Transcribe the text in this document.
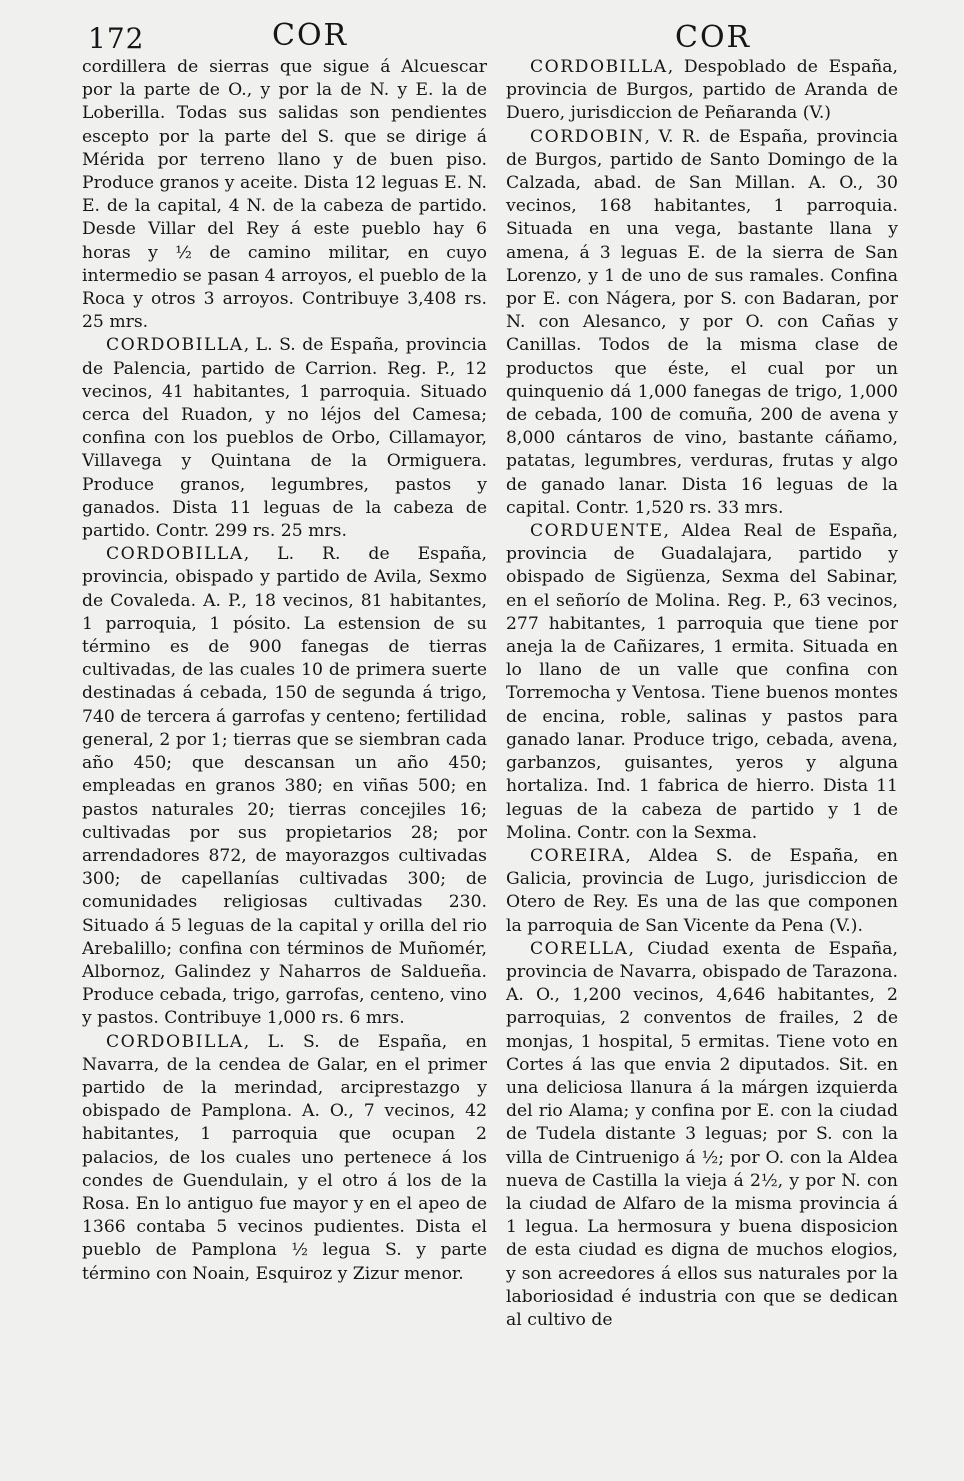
172	COR	COR

cordillera de sierras que sigue á Alcuescar por la parte de O., y por la de N. y E. la de Loberilla. Todas sus salidas son pendientes escepto por la parte del S. que se dirige á Mérida por terreno llano y de buen piso. Produce granos y aceite. Dista 12 leguas E. N. E. de la capital, 4 N. de la cabeza de partido. Desde Villar del Rey á este pueblo hay 6 horas y ½ de camino militar, en cuyo intermedio se pasan 4 arroyos, el pueblo de la Roca y otros 3 arroyos. Contribuye 3,408 rs. 25 mrs.

CORDOBILLA, L. S. de España, provincia de Palencia, partido de Carrion. Reg. P., 12 vecinos, 41 habitantes, 1 parroquia. Situado cerca del Ruadon, y no léjos del Camesa; confina con los pueblos de Orbo, Cillamayor, Villavega y Quintana de la Ormiguera. Produce granos, legumbres, pastos y ganados. Dista 11 leguas de la cabeza de partido. Contr. 299 rs. 25 mrs.

CORDOBILLA, L. R. de España, provincia, obispado y partido de Avila, Sexmo de Covaleda. A. P., 18 vecinos, 81 habitantes, 1 parroquia, 1 pósito. La estension de su término es de 900 fanegas de tierras cultivadas, de las cuales 10 de primera suerte destinadas á cebada, 150 de segunda á trigo, 740 de tercera á garrofas y centeno; fertilidad general, 2 por 1; tierras que se siembran cada año 450; que descansan un año 450; empleadas en granos 380; en viñas 500; en pastos naturales 20; tierras concejiles 16; cultivadas por sus propietarios 28; por arrendadores 872, de mayorazgos cultivadas 300; de capellanías cultivadas 300; de comunidades religiosas cultivadas 230. Situado á 5 leguas de la capital y orilla del rio Arebalillo; confina con términos de Muñomér, Albornoz, Galindez y Naharros de Saldueña. Produce cebada, trigo, garrofas, centeno, vino y pastos. Contribuye 1,000 rs. 6 mrs.

CORDOBILLA, L. S. de España, en Navarra, de la cendea de Galar, en el primer partido de la merindad, arciprestazgo y obispado de Pamplona. A. O., 7 vecinos, 42 habitantes, 1 parroquia que ocupan 2 palacios, de los cuales uno pertenece á los condes de Guendulain, y el otro á los de la Rosa. En lo antiguo fue mayor y en el apeo de 1366 contaba 5 vecinos pudientes. Dista el pueblo de Pamplona ½ legua S. y parte término con Noain, Esquiroz y Zizur menor.

CORDOBILLA, Despoblado de España, provincia de Burgos, partido de Aranda de Duero, jurisdiccion de Peñaranda (V.)

CORDOBIN, V. R. de España, provincia de Burgos, partido de Santo Domingo de la Calzada, abad. de San Millan. A. O., 30 vecinos, 168 habitantes, 1 parroquia. Situada en una vega, bastante llana y amena, á 3 leguas E. de la sierra de San Lorenzo, y 1 de uno de sus ramales. Confina por E. con Nágera, por S. con Badaran, por N. con Alesanco, y por O. con Cañas y Canillas. Todos de la misma clase de productos que éste, el cual por un quinquenio dá 1,000 fanegas de trigo, 1,000 de cebada, 100 de comuña, 200 de avena y 8,000 cántaros de vino, bastante cáñamo, patatas, legumbres, verduras, frutas y algo de ganado lanar. Dista 16 leguas de la capital. Contr. 1,520 rs. 33 mrs.

CORDUENTE, Aldea Real de España, provincia de Guadalajara, partido y obispado de Sigüenza, Sexma del Sabinar, en el señorío de Molina. Reg. P., 63 vecinos, 277 habitantes, 1 parroquia que tiene por aneja la de Cañizares, 1 ermita. Situada en lo llano de un valle que confina con Torremocha y Ventosa. Tiene buenos montes de encina, roble, salinas y pastos para ganado lanar. Produce trigo, cebada, avena, garbanzos, guisantes, yeros y alguna hortaliza. Ind. 1 fabrica de hierro. Dista 11 leguas de la cabeza de partido y 1 de Molina. Contr. con la Sexma.

COREIRA, Aldea S. de España, en Galicia, provincia de Lugo, jurisdiccion de Otero de Rey. Es una de las que componen la parroquia de San Vicente da Pena (V.).

CORELLA, Ciudad exenta de España, provincia de Navarra, obispado de Tarazona. A. O., 1,200 vecinos, 4,646 habitantes, 2 parroquias, 2 conventos de frailes, 2 de monjas, 1 hospital, 5 ermitas. Tiene voto en Cortes á las que envia 2 diputados. Sit. en una deliciosa llanura á la márgen izquierda del rio Alama; y confina por E. con la ciudad de Tudela distante 3 leguas; por S. con la villa de Cintruenigo á ½; por O. con la Aldea nueva de Castilla la vieja á 2½, y por N. con la ciudad de Alfaro de la misma provincia á 1 legua. La hermosura y buena disposicion de esta ciudad es digna de muchos elogios, y son acreedores á ellos sus naturales por la laboriosidad é industria con que se dedican al cultivo de
